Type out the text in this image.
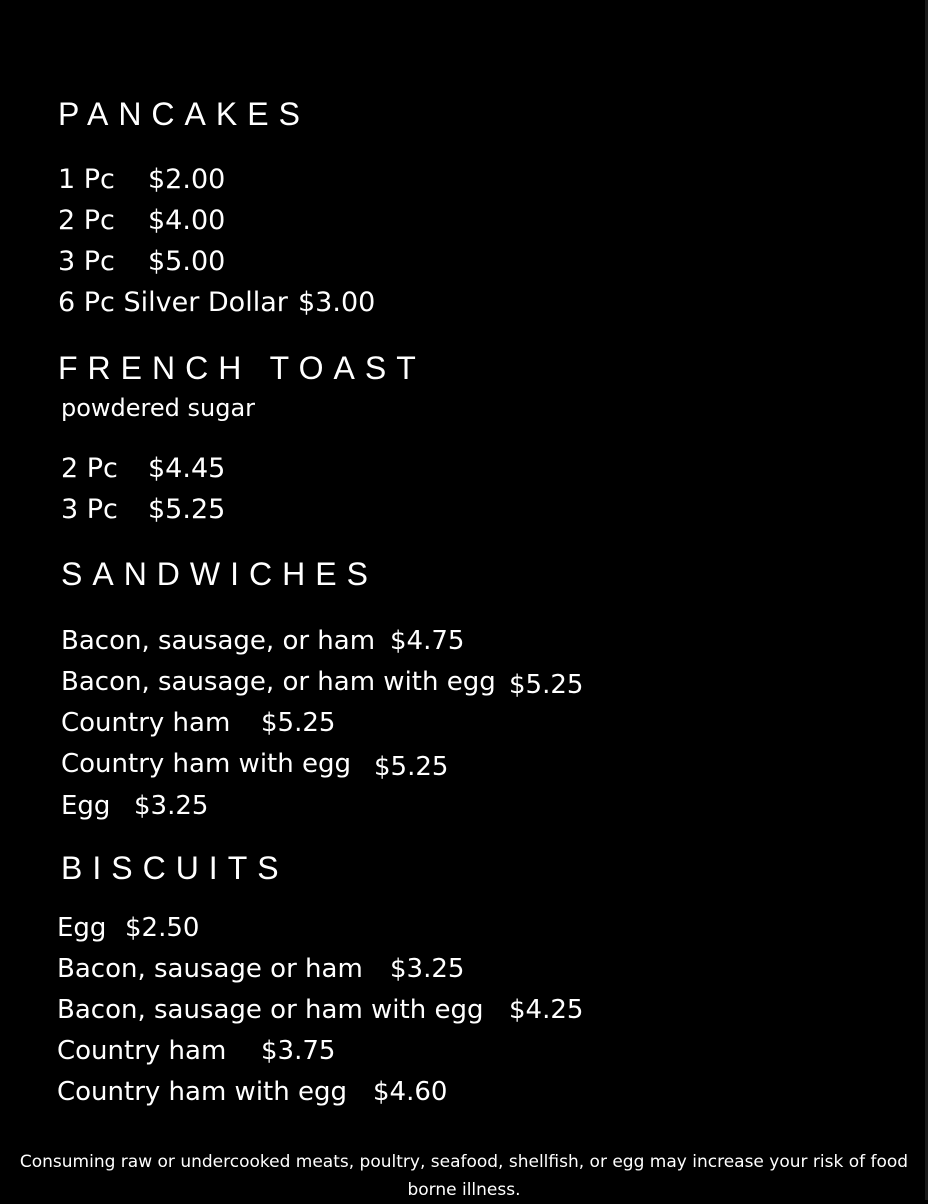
PANCAKES
1 Pc $2.00
2 Pc $4.00
3 Pc $5.00
6 Pc Silver Dollar $3.00
FRENCH TOAST
powdered sugar
2 Pc $4.45
3 Pc $5.25
SANDWICHES
Bacon, sausage, or ham $4.75
Bacon, sausage, or ham with egg $5.25
Country ham $5.25
Country ham with egg $5.25
Egg $3.25
BISCUITS
Egg $2.50
Bacon, sausage or ham $3.25
Bacon, sausage or ham with egg $4.25
Country ham $3.75
Country ham with egg $4.60
Consuming raw or undercooked meats, poultry, seafood, shellfish, or egg may increase your risk of food
borne illness.
